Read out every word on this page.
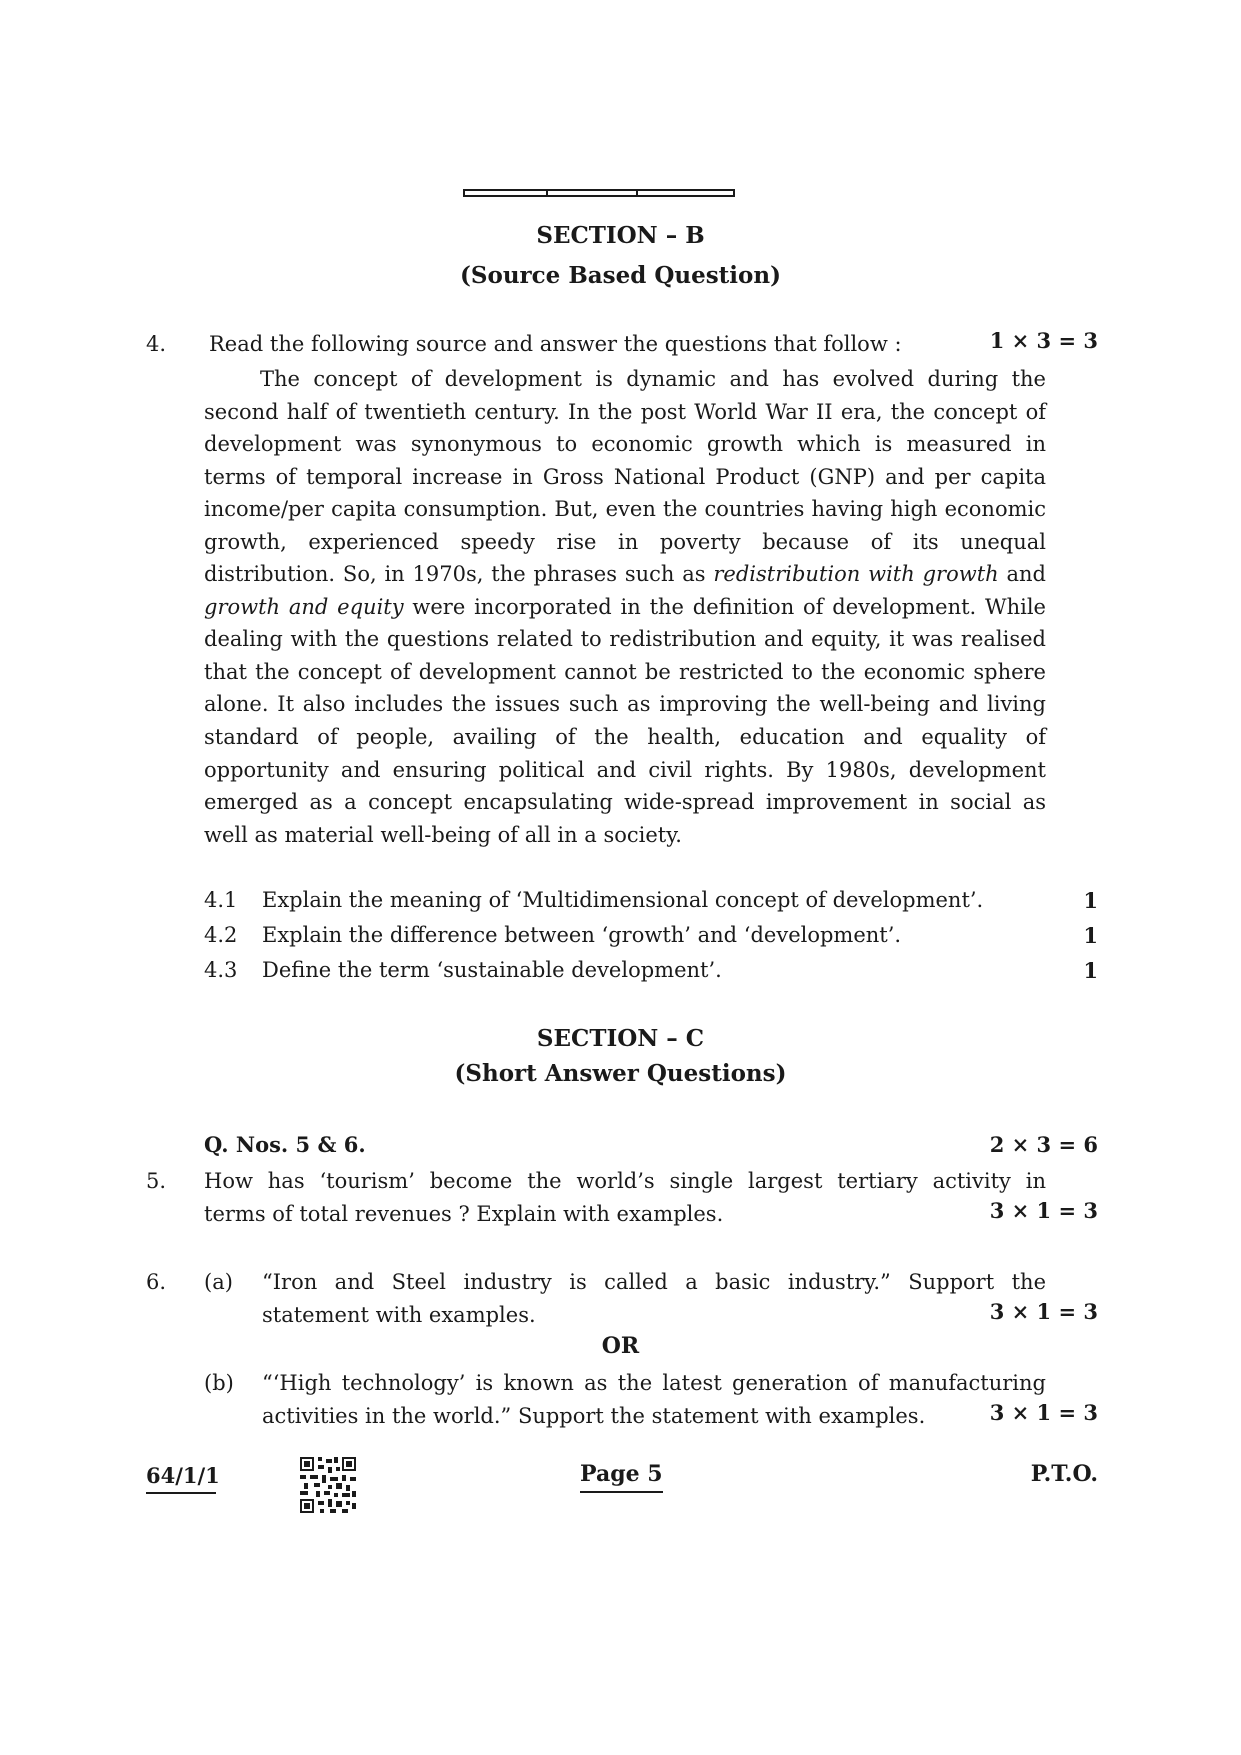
SECTION – B
(Source Based Question)
4. Read the following source and answer the questions that follow :	1 × 3 = 3
The concept of development is dynamic and has evolved during the second half of twentieth century. In the post World War II era, the concept of development was synonymous to economic growth which is measured in terms of temporal increase in Gross National Product (GNP) and per capita income/per capita consumption. But, even the countries having high economic growth, experienced speedy rise in poverty because of its unequal distribution. So, in 1970s, the phrases such as redistribution with growth and growth and equity were incorporated in the definition of development. While dealing with the questions related to redistribution and equity, it was realised that the concept of development cannot be restricted to the economic sphere alone. It also includes the issues such as improving the well-being and living standard of people, availing of the health, education and equality of opportunity and ensuring political and civil rights. By 1980s, development emerged as a concept encapsulating wide-spread improvement in social as well as material well-being of all in a society.
4.1 Explain the meaning of ‘Multidimensional concept of development’.	1
4.2 Explain the difference between ‘growth’ and ‘development’.	1
4.3 Define the term ‘sustainable development’.	1
SECTION – C
(Short Answer Questions)
Q. Nos. 5 & 6.	2 × 3 = 6
5. How has ‘tourism’ become the world’s single largest tertiary activity in
terms of total revenues ? Explain with examples.	3 × 1 = 3
6. (a) “Iron and Steel industry is called a basic industry.” Support the
statement with examples.	3 × 1 = 3
OR
(b) “‘High technology’ is known as the latest generation of manufacturing
activities in the world.” Support the statement with examples.	3 × 1 = 3
64/1/1	Page 5	P.T.O.
